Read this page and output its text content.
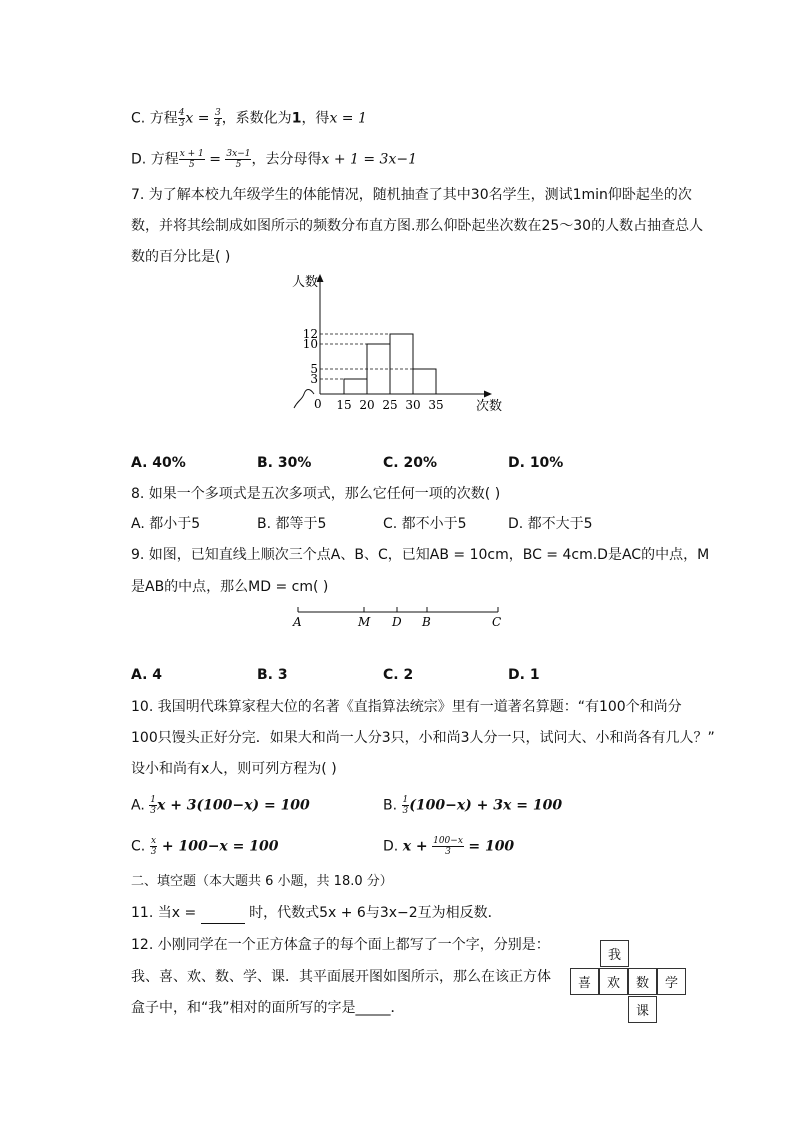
C. 方程 $\frac{4}{3}$ $x = \frac{3}{4}$ ，系数化为1，得x = 1
D. 方程 $\frac{x + 1}{5} = \frac{3x-1}{5}$ ，去分母得x + 1 = 3x−1
7. 为了解本校九年级学生的体能情况，随机抽查了其中30名学生，测试1min仰卧起坐的次
数，并将其绘制成如图所示的频数分布直方图.那么仰卧起坐次数在25～30的人数占抽查总人
数的百分比是( )
人数
次数
0 15 20 25 30 35
3
5
10
12
A. 40%	B. 30%	C. 20%	D. 10%
8. 如果一个多项式是五次多项式，那么它任何一项的次数( )
A. 都小于5	B. 都等于5	C. 都不小于5	D. 都不大于5
9. 如图，已知直线上顺次三个点A、B、C，已知AB = 10cm，BC = 4cm.D是AC的中点，M
是AB的中点，那么MD = cm( )
A	M D B	C
A. 4	B. 3	C. 2	D. 1
10. 我国明代珠算家程大位的名著《直指算法统宗》里有一道著名算题：“有100个和尚分
100只馒头正好分完．如果大和尚一人分3只，小和尚3人分一只，试问大、小和尚各有几人？”
设小和尚有x人，则可列方程为( )
A. $\frac{1}{3}$ x + 3(100−x) = 100	B. $\frac{1}{3} (100-x) + 3x = 100$
C. $\frac{x}{3} + 100-x = 100$	D. $x + \frac{100-x}{3} = 100$
二、填空题（本大题共 6 小题，共 18.0 分）
11. 当x =	时，代数式5x + 6与3x−2互为相反数．
12. 小刚同学在一个正方体盒子的每个面上都写了一个字，分别是：
我、喜、欢、数、学、课．其平面展开图如图所示，那么在该正方体
盒子中，和“我”相对的面所写的字是_____．
我
喜	欢	数	学
课
